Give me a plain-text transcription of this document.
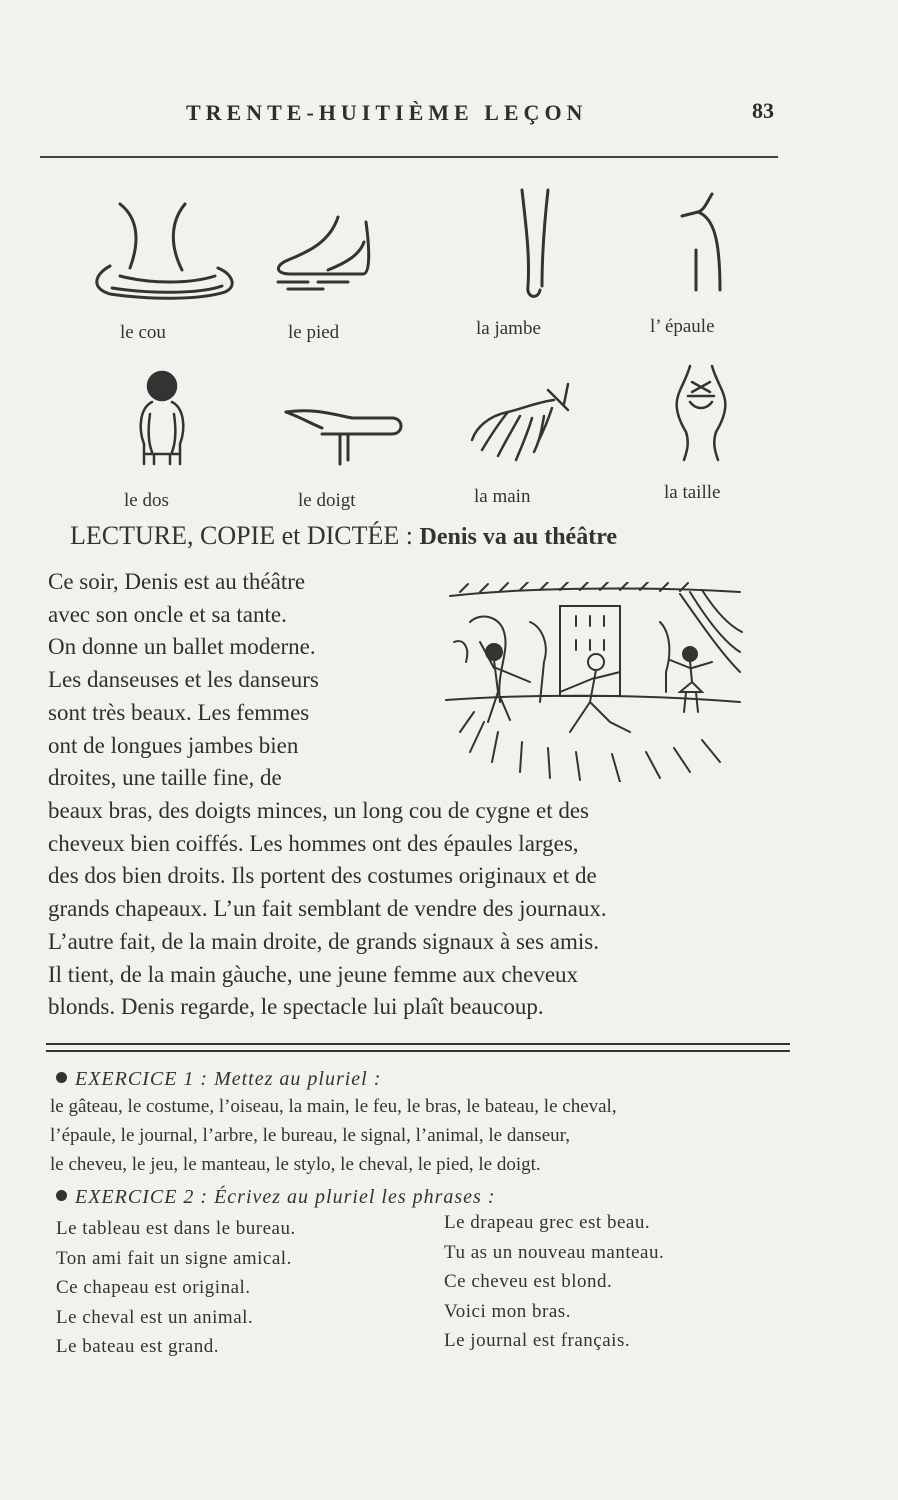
TRENTE-HUITIÈME LEÇON	83
le cou	le pied	la jambe	l’ épaule
le dos	le doigt	la main	la taille
LECTURE, COPIE et DICTÉE : Denis va au théâtre
Ce soir, Denis est au théâtre
avec son oncle et sa tante.
On donne un ballet moderne.
Les danseuses et les danseurs
sont très beaux. Les femmes
ont de longues jambes bien
droites, une taille fine, de
beaux bras, des doigts minces, un long cou de cygne et des
cheveux bien coiffés. Les hommes ont des épaules larges,
des dos bien droits. Ils portent des costumes originaux et de
grands chapeaux. L’un fait semblant de vendre des journaux.
L’autre fait, de la main droite, de grands signaux à ses amis.
Il tient, de la main gàuche, une jeune femme aux cheveux
blonds. Denis regarde, le spectacle lui plaît beaucoup.
EXERCICE 1 : Mettez au pluriel :
le gâteau, le costume, l’oiseau, la main, le feu, le bras, le bateau, le cheval,
l’épaule, le journal, l’arbre, le bureau, le signal, l’animal, le danseur,
le cheveu, le jeu, le manteau, le stylo, le cheval, le pied, le doigt.
EXERCICE 2 : Écrivez au pluriel les phrases :
Le tableau est dans le bureau.
Ton ami fait un signe amical.
Ce chapeau est original.
Le cheval est un animal.
Le bateau est grand.
Le drapeau grec est beau.
Tu as un nouveau manteau.
Ce cheveu est blond.
Voici mon bras.
Le journal est français.
